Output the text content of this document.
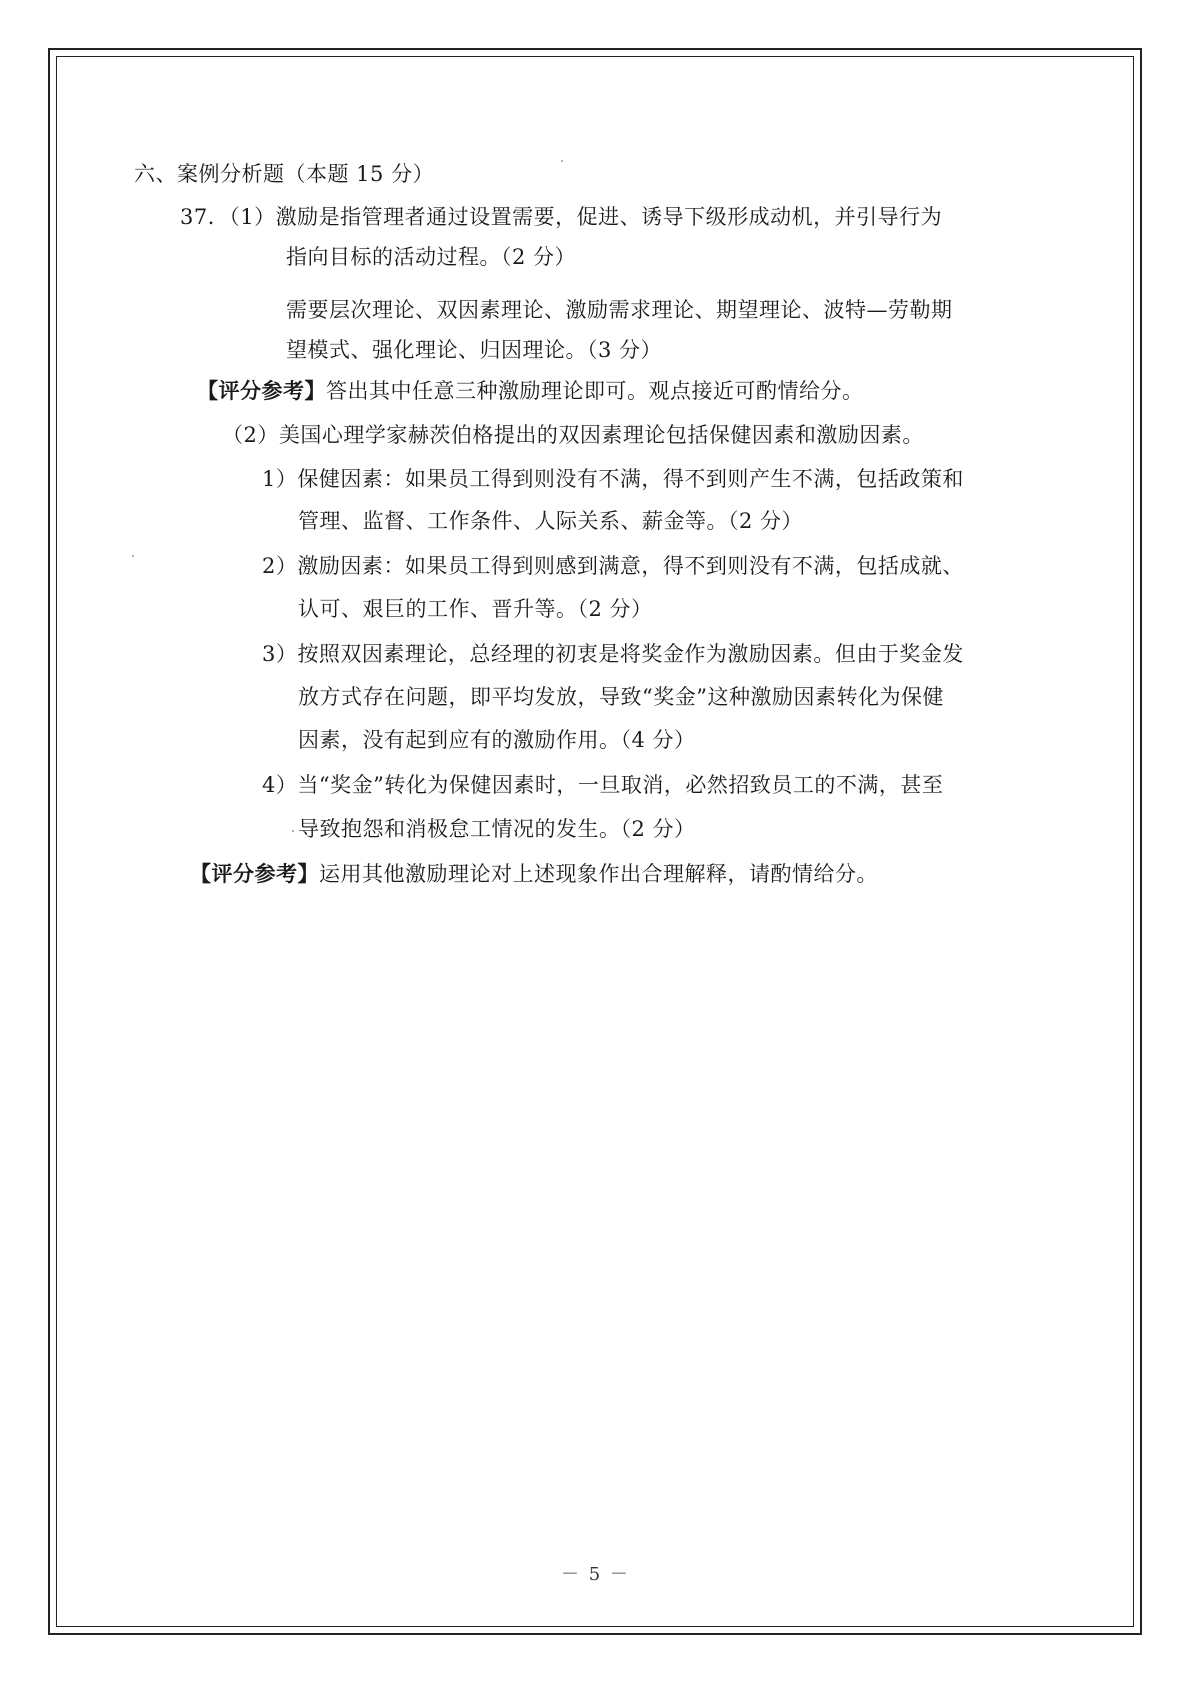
六、案例分析题（本题 15 分）
37．（1）激励是指管理者通过设置需要，促进、诱导下级形成动机，并引导行为
指向目标的活动过程。（2 分）
需要层次理论、双因素理论、激励需求理论、期望理论、波特—劳勒期
望模式、强化理论、归因理论。（3 分）
【评分参考】答出其中任意三种激励理论即可。观点接近可酌情给分。
（2）美国心理学家赫茨伯格提出的双因素理论包括保健因素和激励因素。
1）保健因素：如果员工得到则没有不满，得不到则产生不满，包括政策和
管理、监督、工作条件、人际关系、薪金等。（2 分）
2）激励因素：如果员工得到则感到满意，得不到则没有不满，包括成就、
认可、艰巨的工作、晋升等。（2 分）
3）按照双因素理论，总经理的初衷是将奖金作为激励因素。但由于奖金发
放方式存在问题，即平均发放，导致“奖金”这种激励因素转化为保健
因素，没有起到应有的激励作用。（4 分）
4）当“奖金”转化为保健因素时，一旦取消，必然招致员工的不满，甚至
导致抱怨和消极怠工情况的发生。（2 分）
【评分参考】运用其他激励理论对上述现象作出合理解释，请酌情给分。
－ 5 －
